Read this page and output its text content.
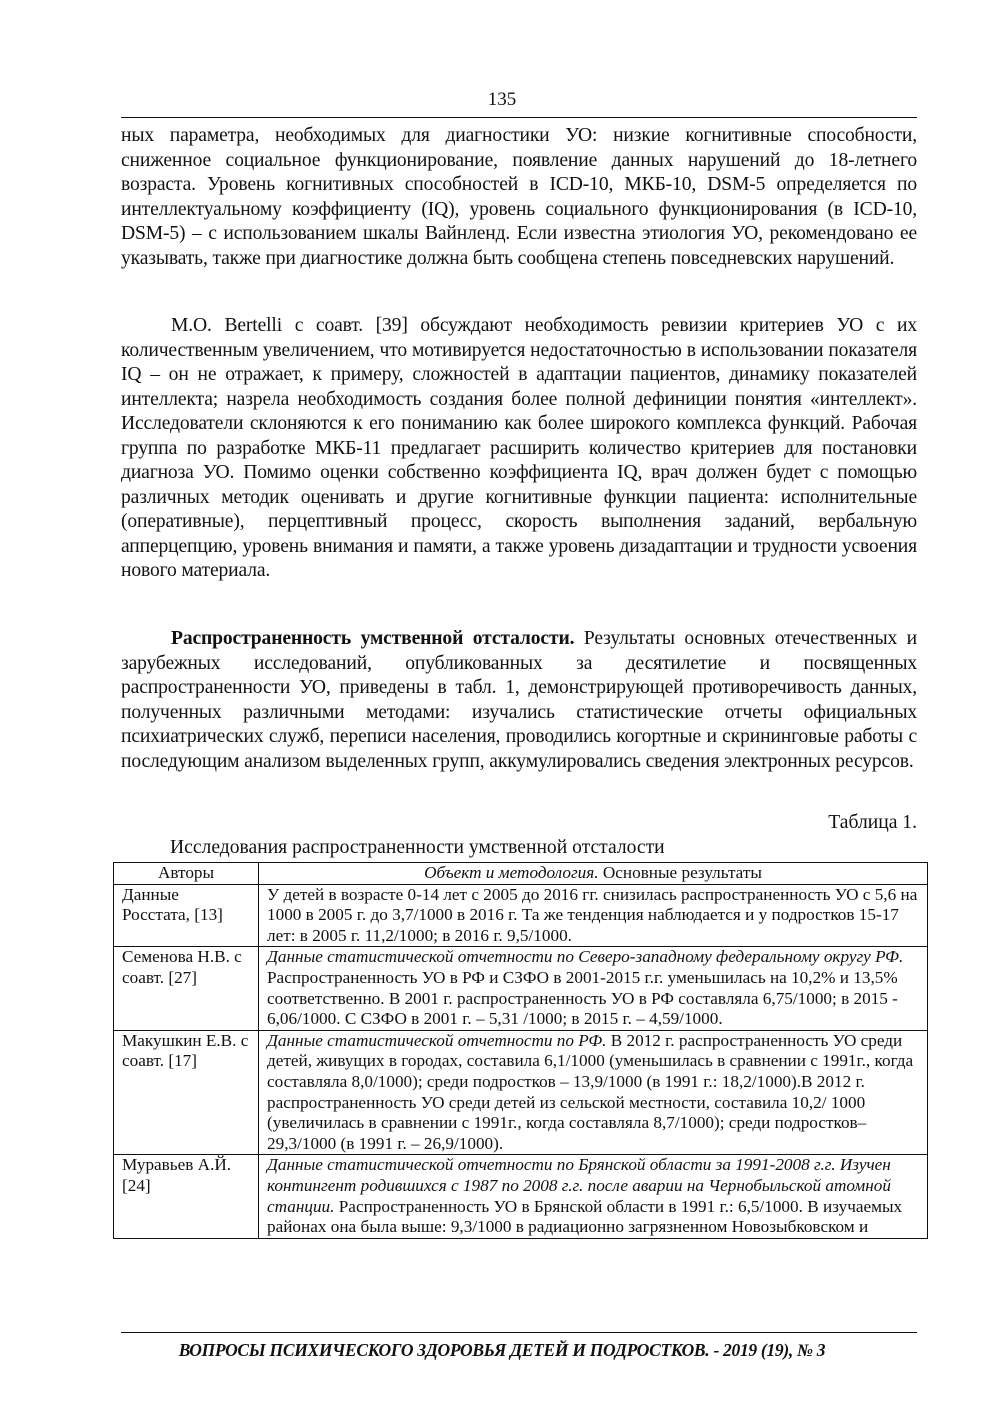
135

ных параметра, необходимых для диагностики УО: низкие когнитивные способности, сниженное социальное функционирование, появление данных нарушений до 18-летнего возраста. Уровень когнитивных способностей в ICD-10, МКБ-10, DSM-5 определяется по интеллектуальному коэффициенту (IQ), уровень социального функционирования (в ICD-10, DSM-5) – с использованием шкалы Вайнленд. Если известна этиология УО, рекомендовано ее указывать, также при диагностике должна быть сообщена степень повседневских нарушений.

M.O. Bertelli с соавт. [39] обсуждают необходимость ревизии критериев УО с их количественным увеличением, что мотивируется недостаточностью в использовании показателя IQ – он не отражает, к примеру, сложностей в адаптации пациентов, динамику показателей интеллекта; назрела необходимость создания более полной дефиниции понятия «интеллект». Исследователи склоняются к его пониманию как более широкого комплекса функций. Рабочая группа по разработке МКБ-11 предлагает расширить количество критериев для постановки диагноза УО. Помимо оценки собственно коэффициента IQ, врач должен будет с помощью различных методик оценивать и другие когнитивные функции пациента: исполнительные (оперативные), перцептивный процесс, скорость выполнения заданий, вербальную апперцепцию, уровень внимания и памяти, а также уровень дизадаптации и трудности усвоения нового материала.

Распространенность умственной отсталости. Результаты основных отечественных и зарубежных исследований, опубликованных за десятилетие и посвященных распространенности УО, приведены в табл. 1, демонстрирующей противоречивость данных, полученных различными методами: изучались статистические отчеты официальных психиатрических служб, переписи населения, проводились когортные и скрининговые работы с последующим анализом выделенных групп, аккумулировались сведения электронных ресурсов.

Таблица 1.
Исследования распространенности умственной отсталости
Авторы	Объект и методология. Основные результаты
Данные Росстата, [13]	У детей в возрасте 0-14 лет с 2005 до 2016 гг. снизилась распространенность УО с 5,6 на 1000 в 2005 г. до 3,7/1000 в 2016 г. Та же тенденция наблюдается и у подростков 15-17 лет: в 2005 г. 11,2/1000; в 2016 г. 9,5/1000.
Семенова Н.В. с соавт. [27]	Данные статистической отчетности по Северо-западному федеральному округу РФ. Распространенность УО в РФ и СЗФО в 2001-2015 г.г. уменьшилась на 10,2% и 13,5% соответственно. В 2001 г. распространенность УО в РФ составляла 6,75/1000; в 2015 - 6,06/1000. С СЗФО в 2001 г. – 5,31 /1000; в 2015 г. – 4,59/1000.
Макушкин Е.В. с соавт. [17]	Данные статистической отчетности по РФ. В 2012 г. распространенность УО среди детей, живущих в городах, составила 6,1/1000 (уменьшилась в сравнении с 1991г., когда составляла 8,0/1000); среди подростков – 13,9/1000 (в 1991 г.: 18,2/1000).В 2012 г. распространенность УО среди детей из сельской местности, составила 10,2/ 1000 (увеличилась в сравнении с 1991г., когда составляла 8,7/1000); среди подростков–29,3/1000 (в 1991 г. – 26,9/1000).
Муравьев А.Й. [24]	Данные статистической отчетности по Брянской области за 1991-2008 г.г. Изучен контингент родившихся с 1987 по 2008 г.г. после аварии на Чернобыльской атомной станции. Распространенность УО в Брянской области в 1991 г.: 6,5/1000. В изучаемых районах она была выше: 9,3/1000 в радиационно загрязненном Новозыбковском и
ВОПРОСЫ ПСИХИЧЕСКОГО ЗДОРОВЬЯ ДЕТЕЙ И ПОДРОСТКОВ. - 2019 (19), № 3
